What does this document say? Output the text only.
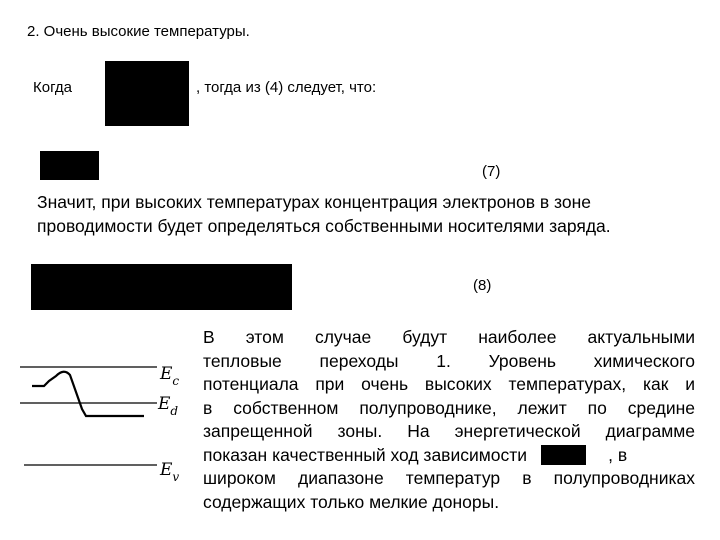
2. Очень высокие температуры.
Когда	, тогда из (4) следует, что:
(7)
Значит, при высоких температурах концентрация электронов в зоне проводимости будет определяться собственными носителями заряда.
(8)
$E_c$
$E_d$
$E_v$
В этом случае будут наиболее актуальными
тепловые переходы 1. Уровень химического
потенциала при очень высоких температурах, как и
в собственном полупроводнике, лежит по средине
запрещенной зоны. На энергетической диаграмме
показан качественный ход зависимости	, в
широком диапазоне температур в полупроводниках
содержащих только мелкие доноры.
